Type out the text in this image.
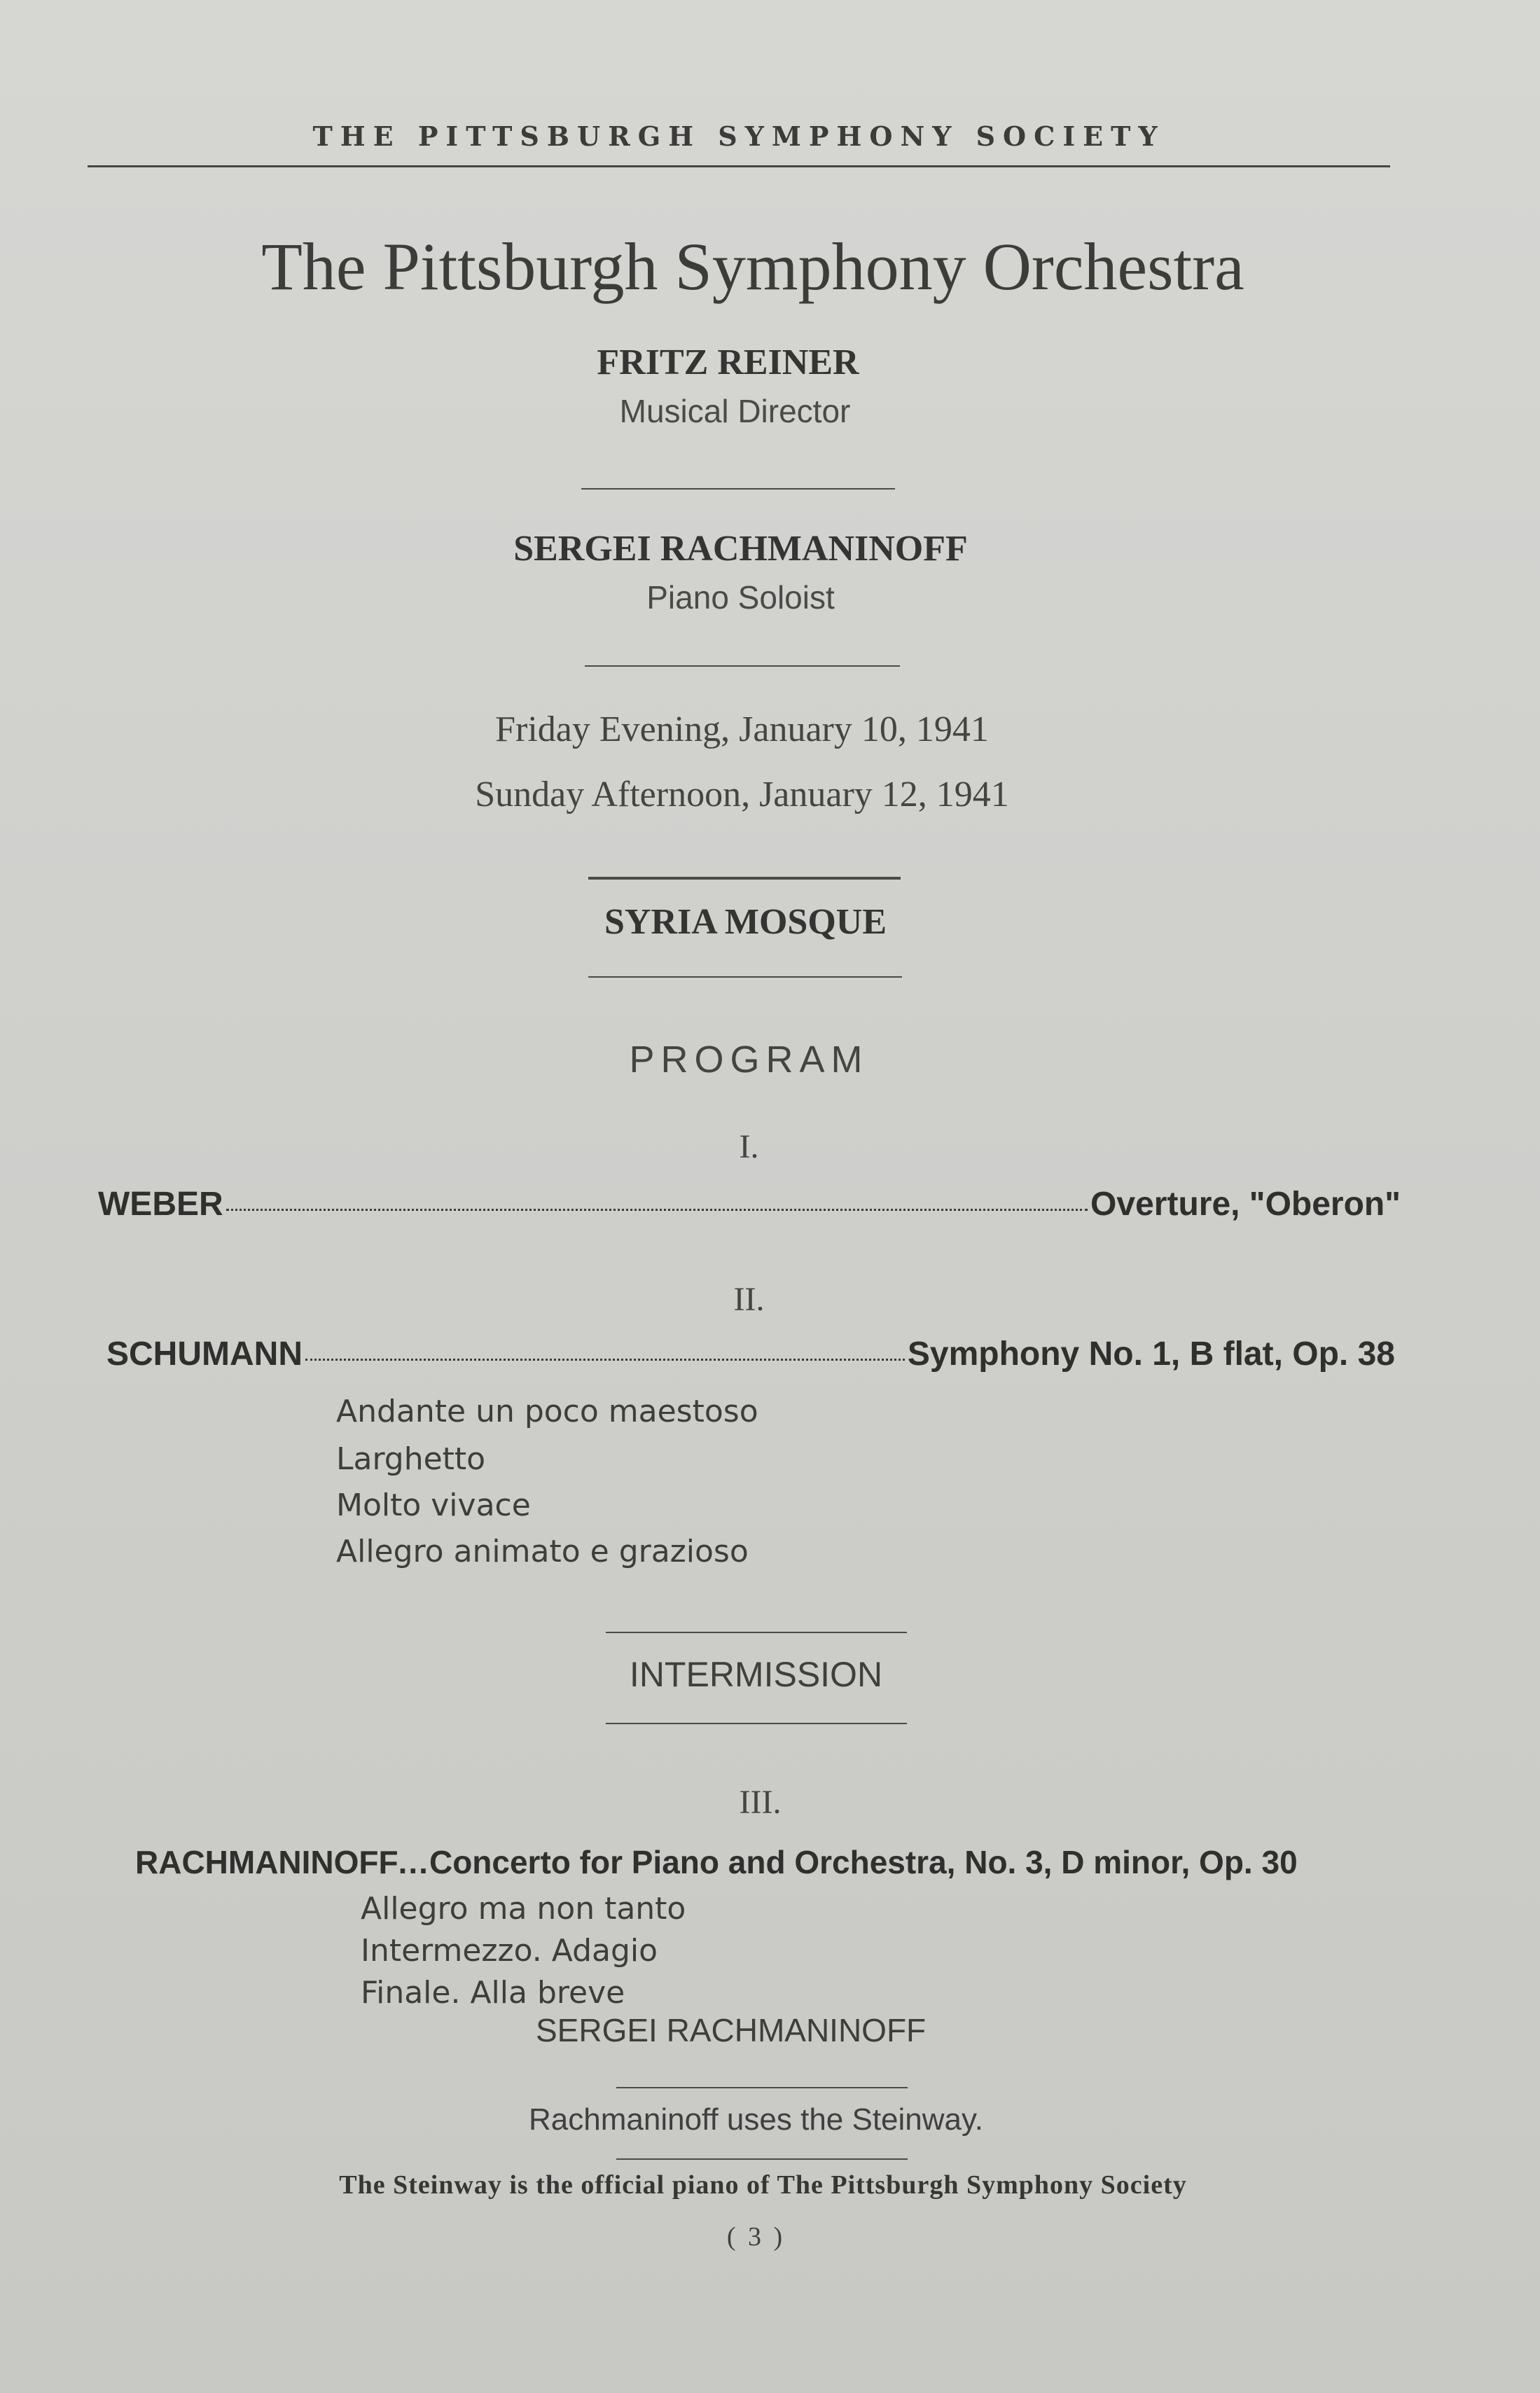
THE PITTSBURGH SYMPHONY SOCIETY
The Pittsburgh Symphony Orchestra
FRITZ REINER
Musical Director
SERGEI RACHMANINOFF
Piano Soloist
Friday Evening, January 10, 1941
Sunday Afternoon, January 12, 1941
SYRIA MOSQUE
PROGRAM
I.
WEBER	Overture, "Oberon"
II.
SCHUMANN	Symphony No. 1, B flat, Op. 38
Andante un poco maestoso
Larghetto
Molto vivace
Allegro animato e grazioso
INTERMISSION
III.
RACHMANINOFF ... Concerto for Piano and Orchestra, No. 3, D minor, Op. 30
Allegro ma non tanto
Intermezzo. Adagio
Finale. Alla breve
SERGEI RACHMANINOFF
Rachmaninoff uses the Steinway.
The Steinway is the official piano of The Pittsburgh Symphony Society
( 3 )
